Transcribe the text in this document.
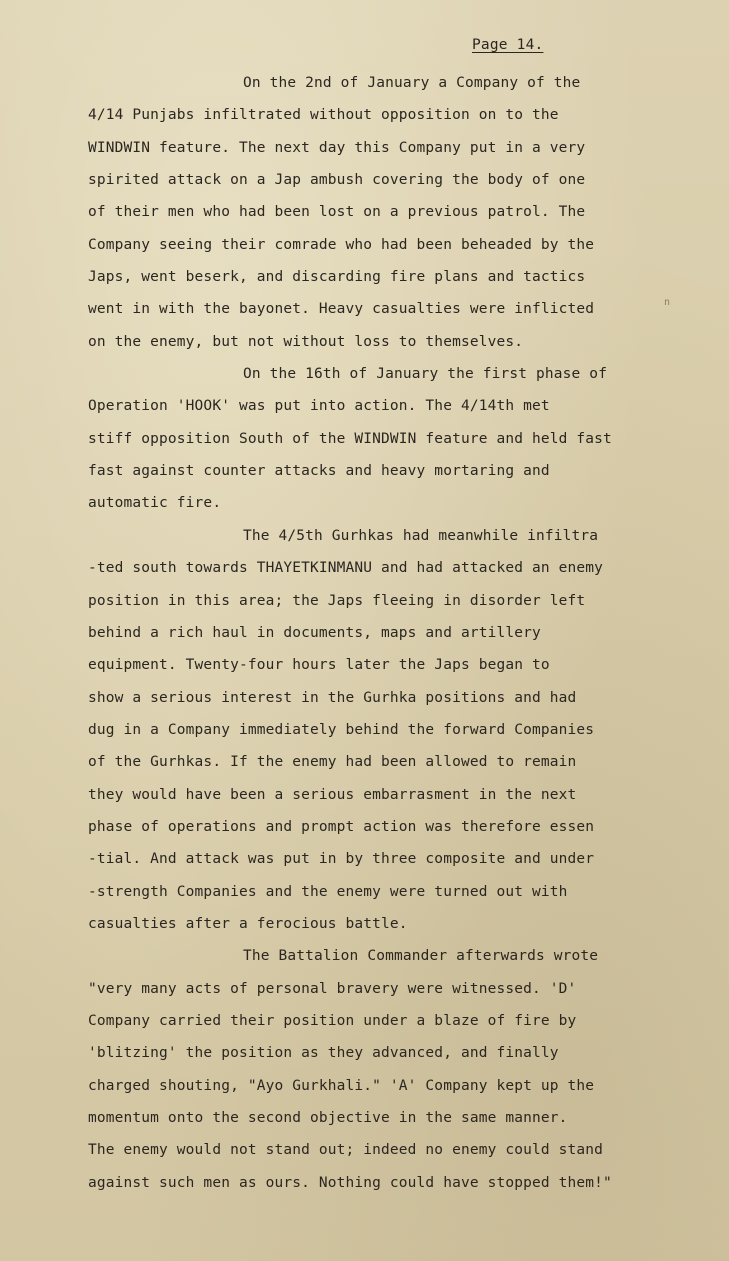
Page 14.
n
On the 2nd of January a Company of the
4/14 Punjabs infiltrated without opposition on to the
WINDWIN feature. The next day this Company put in a very
spirited attack on a Jap ambush covering the body of one
of their men who had been lost on a previous patrol. The
Company seeing their comrade who had been beheaded by the
Japs, went beserk, and discarding fire plans and tactics
went in with the bayonet. Heavy casualties were inflicted
on the enemy, but not without loss to themselves.
On the 16th of January the first phase of
Operation 'HOOK' was put into action. The 4/14th met
stiff opposition South of the WINDWIN feature and held fast
fast against counter attacks and heavy mortaring and
automatic fire.
The 4/5th Gurhkas had meanwhile infiltra
-ted south towards THAYETKINMANU and had attacked an enemy
position in this area; the Japs fleeing in disorder left
behind a rich haul in documents, maps and artillery
equipment. Twenty-four hours later the Japs began to
show a serious interest in the Gurhka positions and had
dug in a Company immediately behind the forward Companies
of the Gurhkas. If the enemy had been allowed to remain
they would have been a serious embarrasment in the next
phase of operations and prompt action was therefore essen
-tial. And attack was put in by three composite and under
-strength Companies and the enemy were turned out with
casualties after a ferocious battle.
The Battalion Commander afterwards wrote
"very many acts of personal bravery were witnessed. 'D'
Company carried their position under a blaze of fire by
'blitzing' the position as they advanced, and finally
charged shouting, "Ayo Gurkhali." 'A' Company kept up the
momentum onto the second objective in the same manner.
The enemy would not stand out; indeed no enemy could stand
against such men as ours. Nothing could have stopped them!"
